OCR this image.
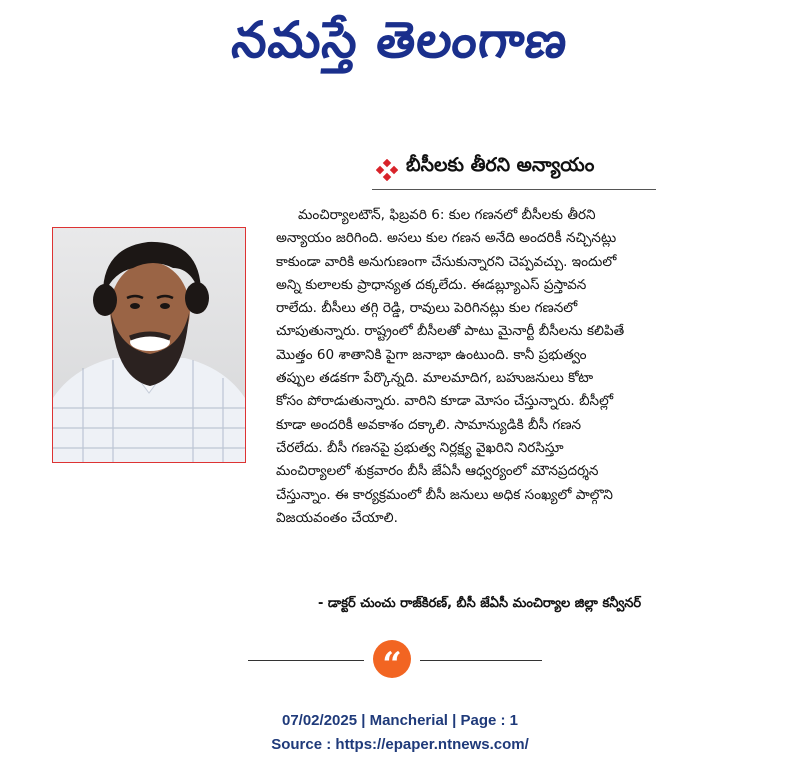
నమస్తే తెలంగాణ
బీసీలకు తీరని అన్యాయం
మంచిర్యాలటౌన్, ఫిబ్రవరి 6: కుల గణనలో బీసీలకు తీరని
అన్యాయం జరిగింది. అసలు కుల గణన అనేది అందరికీ నచ్చినట్లు
కాకుండా వారికి అనుగుణంగా చేసుకున్నారని చెప్పవచ్చు. ఇందులో
అన్ని కులాలకు ప్రాధాన్యత దక్కలేదు. ఈడబ్ల్యూఎస్ ప్రస్తావన
రాలేదు. బీసీలు తగ్గి రెడ్డి, రావులు పెరిగినట్లు కుల గణనలో
చూపుతున్నారు. రాష్ట్రంలో బీసీలతో పాటు మైనార్టీ బీసీలను కలిపితే
మొత్తం 60 శాతానికి పైగా జనాభా ఉంటుంది. కానీ ప్రభుత్వం
తప్పుల తడకగా పేర్కొన్నది. మాలమాదిగ, బహుజనులు కోటా
కోసం పోరాడుతున్నారు. వారిని కూడా మోసం చేస్తున్నారు. బీసీల్లో
కూడా అందరికీ అవకాశం దక్కాలి. సామాన్యుడికి బీసీ గణన
చేరలేదు. బీసీ గణనపై ప్రభుత్వ నిర్లక్ష్య వైఖరిని నిరసిస్తూ
మంచిర్యాలలో శుక్రవారం బీసీ జేఏసీ ఆధ్వర్యంలో మౌనప్రదర్శన
చేస్తున్నాం. ఈ కార్యక్రమంలో బీసీ జనులు అధిక సంఖ్యలో పాల్గొని
విజయవంతం చేయాలి.
- డాక్టర్ చుంచు రాజ్‌కిరణ్, బీసీ జేఏసీ మంచిర్యాల జిల్లా కన్వీనర్
“
07/02/2025 | Mancherial | Page : 1
Source : https://epaper.ntnews.com/
